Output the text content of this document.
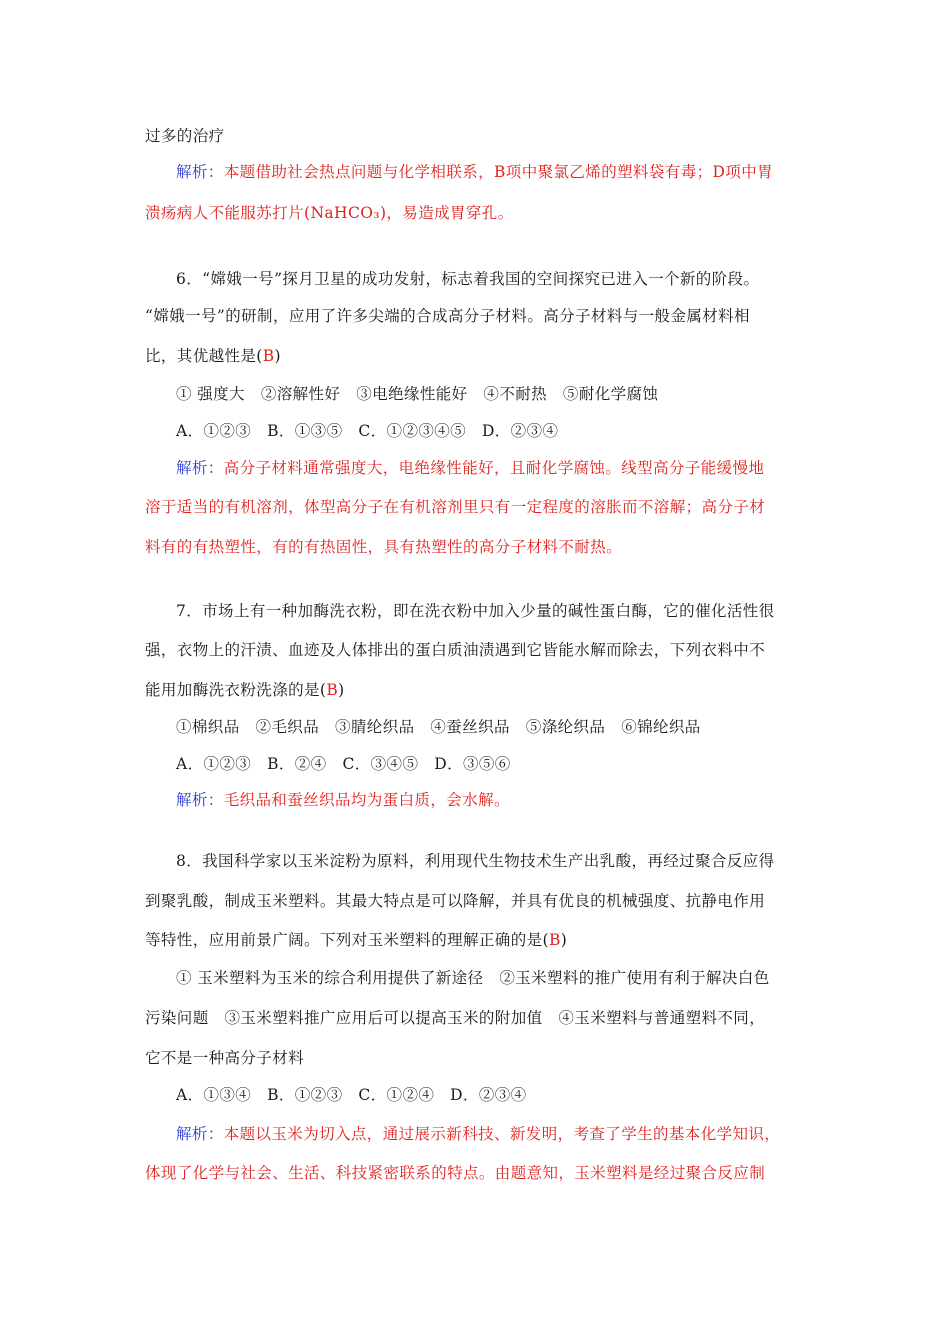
过多的治疗
解析：本题借助社会热点问题与化学相联系，B项中聚氯乙烯的塑料袋有毒；D项中胃
溃疡病人不能服苏打片(NaHCO₃)，易造成胃穿孔。
6．“嫦娥一号”探月卫星的成功发射，标志着我国的空间探究已进入一个新的阶段。
“嫦娥一号”的研制，应用了许多尖端的合成高分子材料。高分子材料与一般金属材料相
比，其优越性是(B)
① 强度大　②溶解性好　③电绝缘性能好　④不耐热　⑤耐化学腐蚀
A．①②③　B．①③⑤　C．①②③④⑤　D．②③④
解析：高分子材料通常强度大，电绝缘性能好，且耐化学腐蚀。线型高分子能缓慢地
溶于适当的有机溶剂，体型高分子在有机溶剂里只有一定程度的溶胀而不溶解；高分子材
料有的有热塑性，有的有热固性，具有热塑性的高分子材料不耐热。
7．市场上有一种加酶洗衣粉，即在洗衣粉中加入少量的碱性蛋白酶，它的催化活性很
强，衣物上的汗渍、血迹及人体排出的蛋白质油渍遇到它皆能水解而除去，下列衣料中不
能用加酶洗衣粉洗涤的是(B)
①棉织品　②毛织品　③腈纶织品　④蚕丝织品　⑤涤纶织品　⑥锦纶织品
A．①②③　B．②④　C．③④⑤　D．③⑤⑥
解析：毛织品和蚕丝织品均为蛋白质，会水解。
8．我国科学家以玉米淀粉为原料，利用现代生物技术生产出乳酸，再经过聚合反应得
到聚乳酸，制成玉米塑料。其最大特点是可以降解，并具有优良的机械强度、抗静电作用
等特性，应用前景广阔。下列对玉米塑料的理解正确的是(B)
① 玉米塑料为玉米的综合利用提供了新途径　②玉米塑料的推广使用有利于解决白色
污染问题　③玉米塑料推广应用后可以提高玉米的附加值　④玉米塑料与普通塑料不同，
它不是一种高分子材料
A．①③④　B．①②③　C．①②④　D．②③④
解析：本题以玉米为切入点，通过展示新科技、新发明，考查了学生的基本化学知识，
体现了化学与社会、生活、科技紧密联系的特点。由题意知，玉米塑料是经过聚合反应制
